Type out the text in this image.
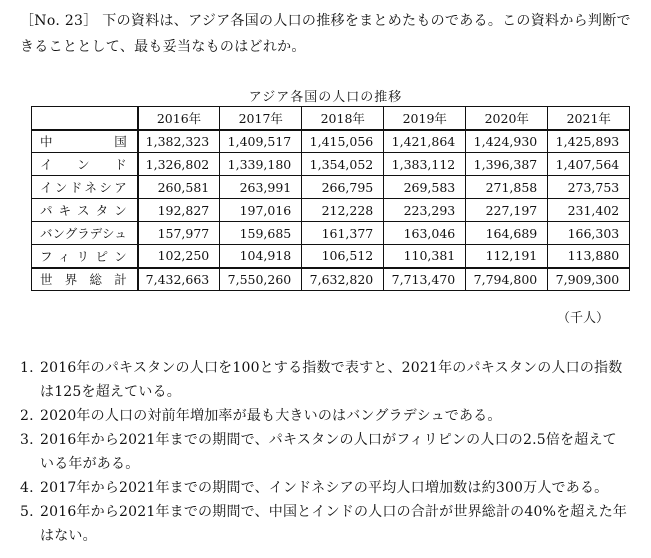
［No. 23］ 下の資料は、アジア各国の人口の推移をまとめたものである。この資料から判断できることとして、最も妥当なものはどれか。
アジア各国の人口の推移
	2016年	2017年	2018年	2019年	2020年	2021年
中国	1,382,323	1,409,517	1,415,056	1,421,864	1,424,930	1,425,893
インド	1,326,802	1,339,180	1,354,052	1,383,112	1,396,387	1,407,564
インドネシア	260,581	263,991	266,795	269,583	271,858	273,753
パキスタン	192,827	197,016	212,228	223,293	227,197	231,402
バングラデシュ	157,977	159,685	161,377	163,046	164,689	166,303
フィリピン	102,250	104,918	106,512	110,381	112,191	113,880
世界総計	7,432,663	7,550,260	7,632,820	7,713,470	7,794,800	7,909,300
（千人）
1. 2016年のパキスタンの人口を100とする指数で表すと、2021年のパキスタンの人口の指数は125を超えている。
2. 2020年の人口の対前年増加率が最も大きいのはバングラデシュである。
3. 2016年から2021年までの期間で、パキスタンの人口がフィリピンの人口の2.5倍を超えている年がある。
4. 2017年から2021年までの期間で、インドネシアの平均人口増加数は約300万人である。
5. 2016年から2021年までの期間で、中国とインドの人口の合計が世界総計の40%を超えた年はない。
